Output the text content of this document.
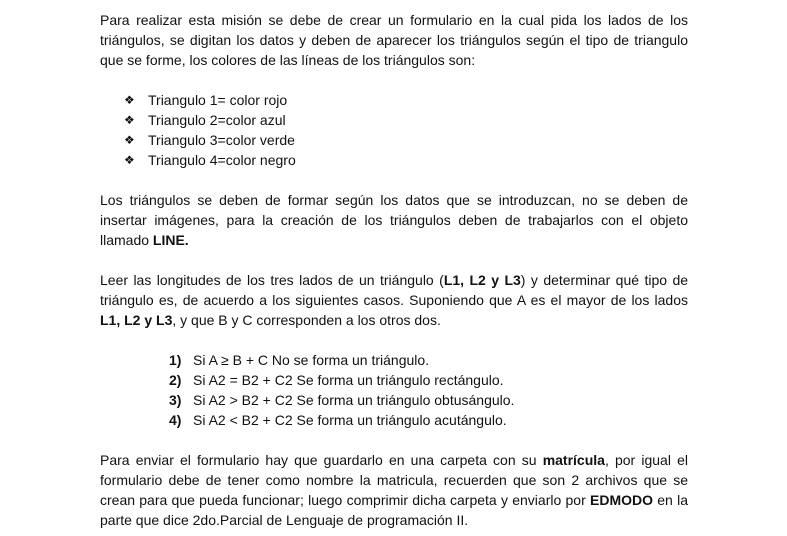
Para realizar esta misión se debe de crear un formulario en la cual pida los lados de los triángulos, se digitan los datos y deben de aparecer los triángulos según el tipo de triangulo que se forme, los colores de las líneas de los triángulos son:

❖ Triangulo 1= color rojo
❖ Triangulo 2=color azul
❖ Triangulo 3=color verde
❖ Triangulo 4=color negro

Los triángulos se deben de formar según los datos que se introduzcan, no se deben de insertar imágenes, para la creación de los triángulos deben de trabajarlos con el objeto llamado LINE.

Leer las longitudes de los tres lados de un triángulo (L1, L2 y L3) y determinar qué tipo de triángulo es, de acuerdo a los siguientes casos. Suponiendo que A es el mayor de los lados L1, L2 y L3, y que B y C corresponden a los otros dos.

1) Si A ≥ B + C No se forma un triángulo.
2) Si A2 = B2 + C2 Se forma un triángulo rectángulo.
3) Si A2 > B2 + C2 Se forma un triángulo obtusángulo.
4) Si A2 < B2 + C2 Se forma un triángulo acutángulo.

Para enviar el formulario hay que guardarlo en una carpeta con su matrícula, por igual el formulario debe de tener como nombre la matricula, recuerden que son 2 archivos que se crean para que pueda funcionar; luego comprimir dicha carpeta y enviarlo por EDMODO en la parte que dice 2do.Parcial de Lenguaje de programación II.
